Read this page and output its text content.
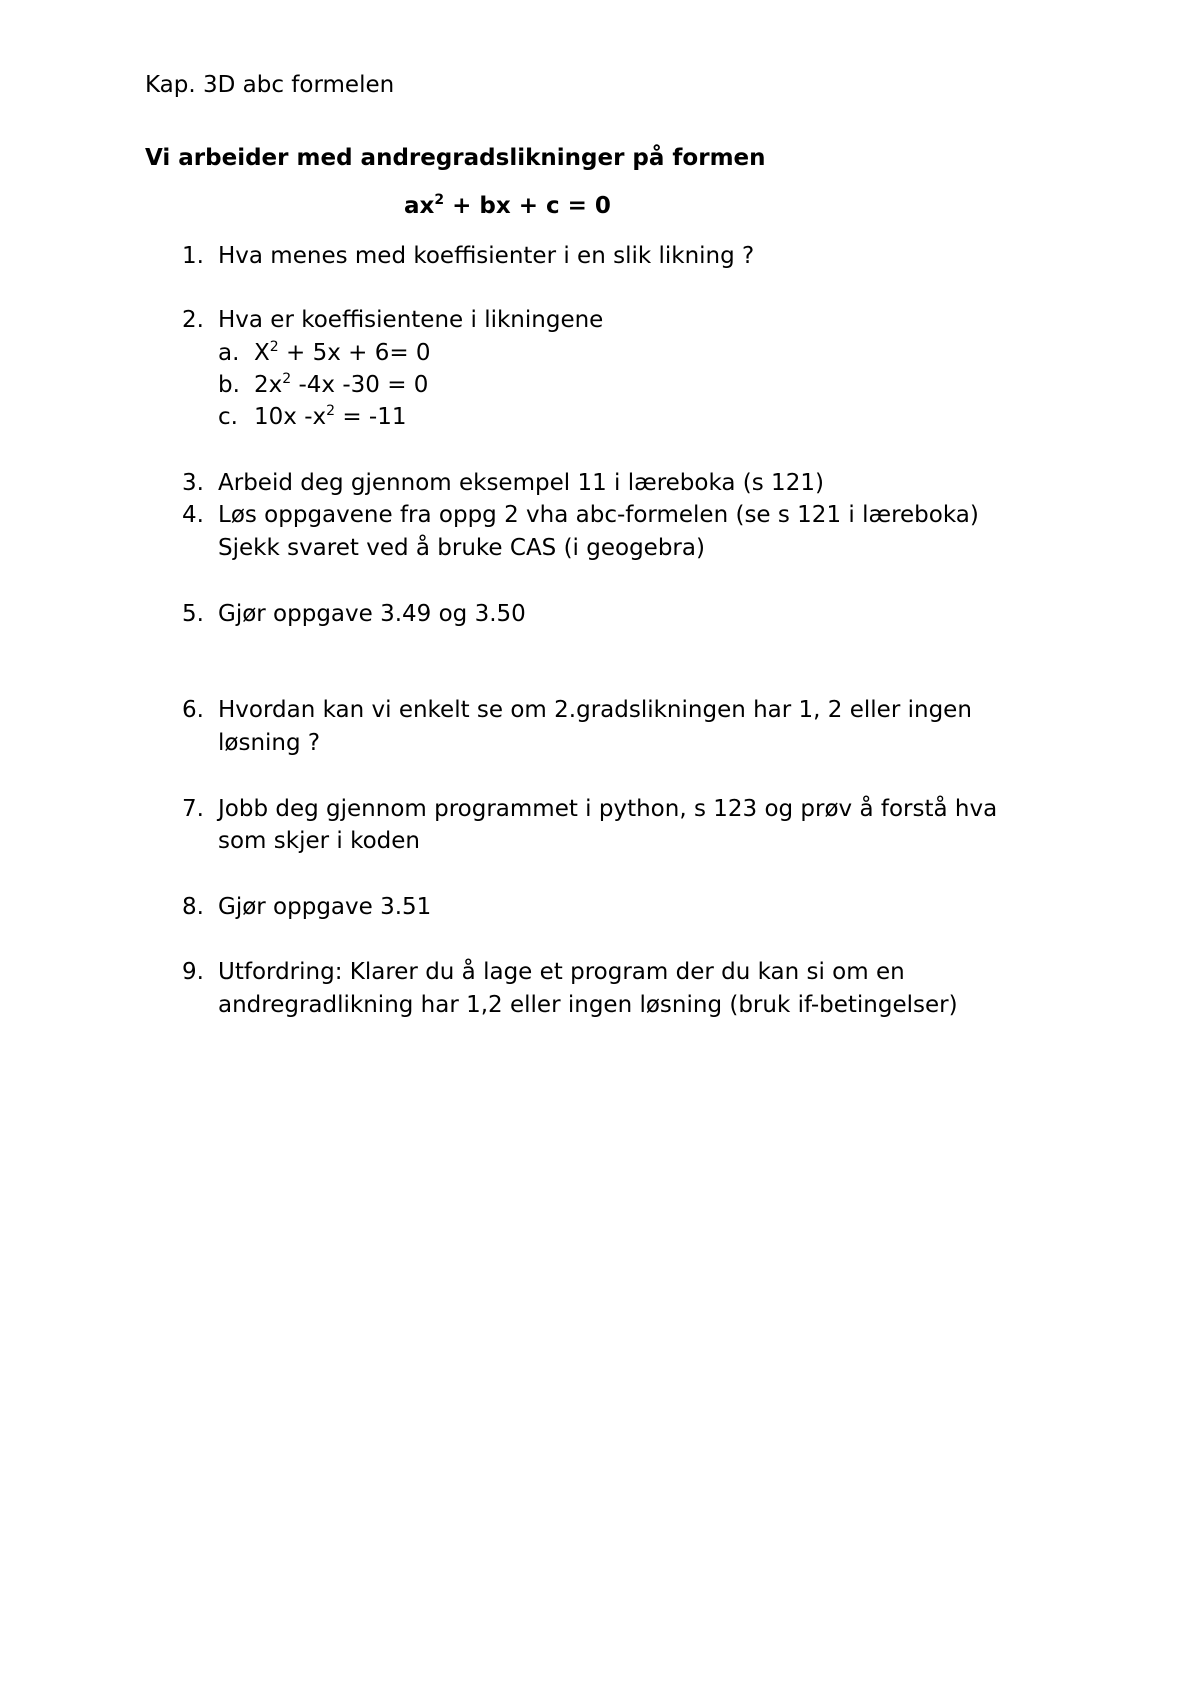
Kap. 3D abc formelen
Vi arbeider med andregradslikninger på formen
$ax^2$ + bx + c = 0
1. Hva menes med koeffisienter i en slik likning ?
2. Hva er koeffisientene i likningene
a. $X^2 + 5x + 6= 0$
b. $2x^2$ -4x -30 = 0
c. 10x $-x^2 = -11$
3. Arbeid deg gjennom eksempel 11 i læreboka (s 121)
4. Løs oppgavene fra oppg 2 vha abc-formelen (se s 121 i læreboka)
Sjekk svaret ved å bruke CAS (i geogebra)
5. Gjør oppgave 3.49 og 3.50
6. Hvordan kan vi enkelt se om 2.gradslikningen har 1, 2 eller ingen
løsning ?
7. Jobb deg gjennom programmet i python, s 123 og prøv å forstå hva
som skjer i koden
8. Gjør oppgave 3.51
9. Utfordring: Klarer du å lage et program der du kan si om en
andregradlikning har 1,2 eller ingen løsning (bruk if-betingelser)
